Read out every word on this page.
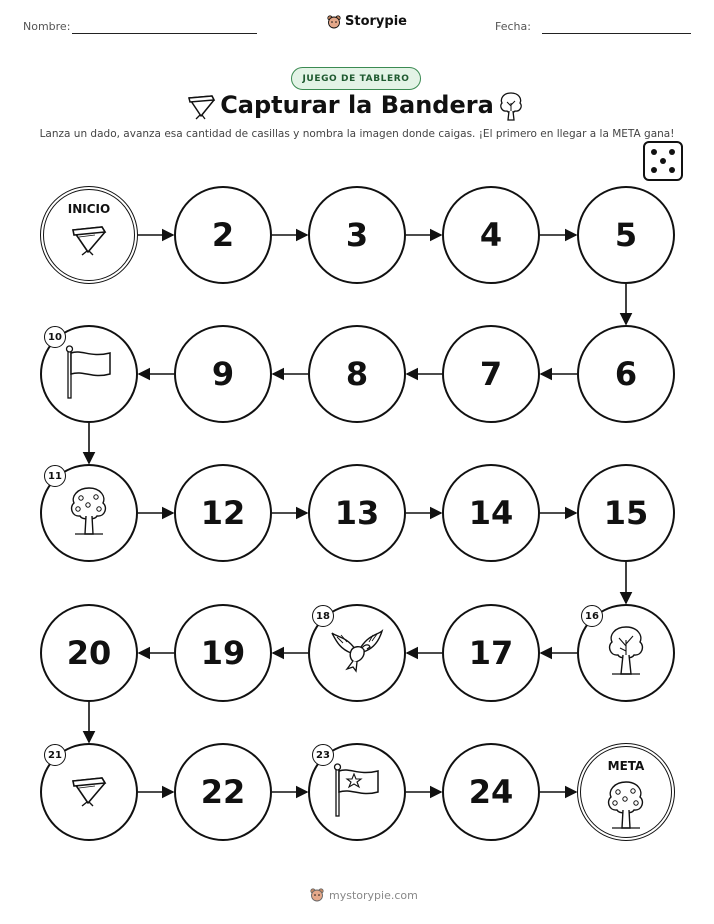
Nombre:	Storypie	Fecha:
JUEGO DE TABLERO
Capturar la Bandera
Lanza un dado, avanza esa cantidad de casillas y nombra la imagen donde caigas. ¡El primero en llegar a la META gana!
INICIO
2	3	4	5
6
7
8
9
10
11
12	13	14	15
16
17
18
19
20
21
22
23
24
META
mystorypie.com
